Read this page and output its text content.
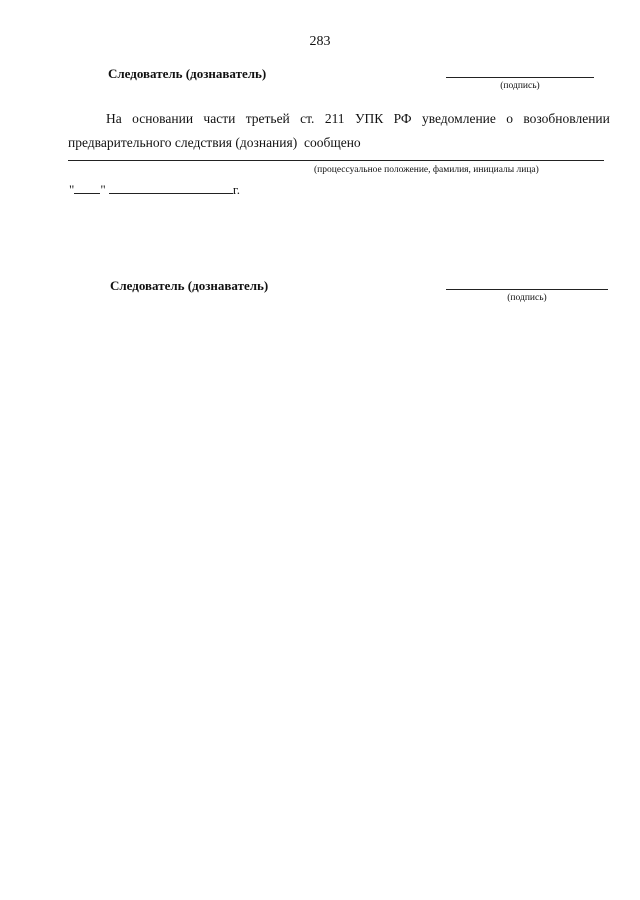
283
Следователь (дознаватель)
(подпись)
На основании части третьей ст. 211 УПК РФ уведомление о возобновлении
предварительного следствия (дознания)  сообщено
(процессуальное положение, фамилия, инициалы лица)
" "	г.
Следователь (дознаватель)
(подпись)
